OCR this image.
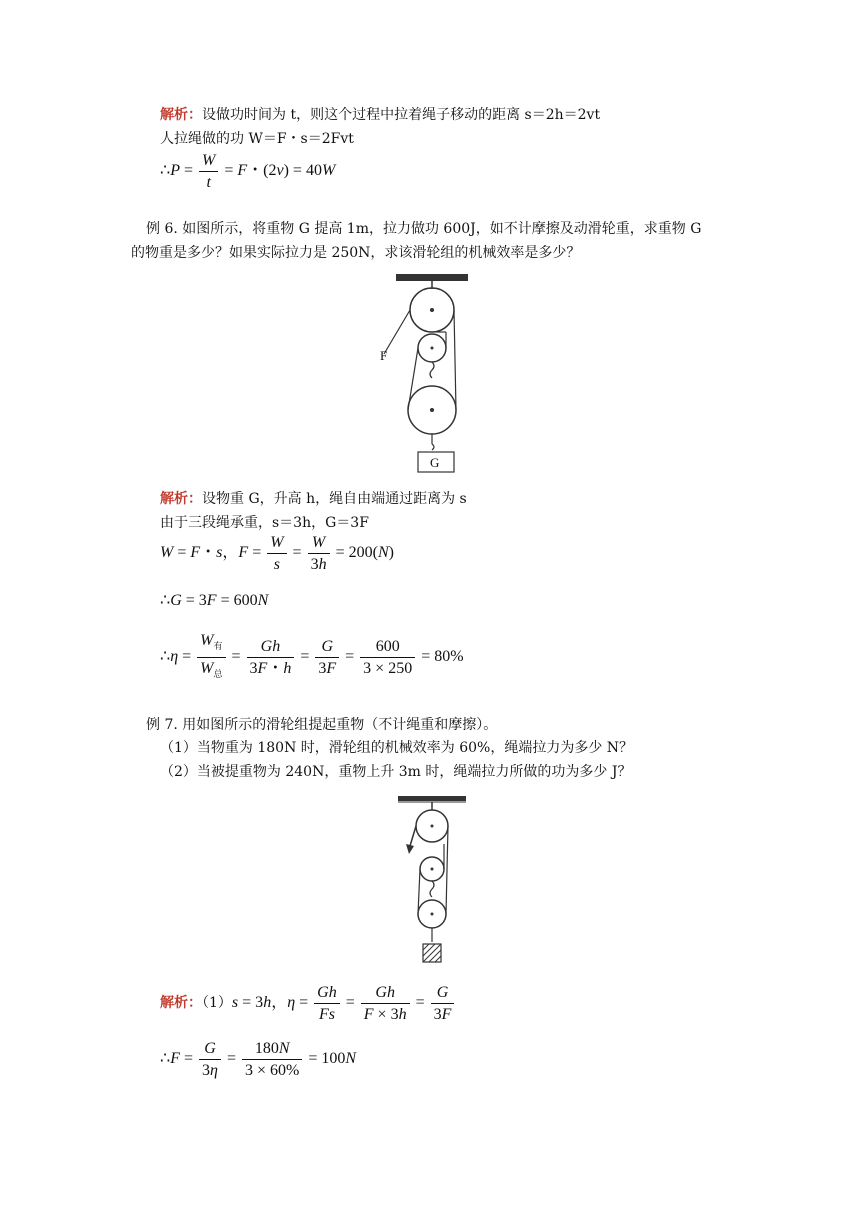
解析：设做功时间为 t，则这个过程中拉着绳子移动的距离 s＝2h＝2vt
人拉绳做的功 W＝F・s＝2Fvt
∴P = $\frac{W}{t} = F$・(2v) = 40W
例 6. 如图所示，将重物 G 提高 1m，拉力做功 600J，如不计摩擦及动滑轮重，求重物 G
的物重是多少？如果实际拉力是 250N，求该滑轮组的机械效率是多少？
F
G
解析：设物重 G，升高 h，绳自由端通过距离为 s
由于三段绳承重，s＝3h，G＝3F
W = F・s，$F = \frac{W}{s} = \frac{W}{3h} = 200(N)$
∴G = 3F = 600N
∴η = $\frac{W_有}{W_总} = \frac{Gh}{3F・h} = \frac{G}{3F} = \frac{600}{3 \times 250} = 80\%$
例 7. 用如图所示的滑轮组提起重物（不计绳重和摩擦）。
（1）当物重为 180N 时，滑轮组的机械效率为 60%，绳端拉力为多少 N？
（2）当被提重物为 240N，重物上升 3m 时，绳端拉力所做的功为多少 J？
解析：（1）s = 3h，$\eta = \frac{Gh}{Fs} = \frac{Gh}{F \times 3h} = \frac{G}{3F}$
∴F = $\frac{G}{3\eta} = \frac{180N}{3 \times 60\%} = 100N$
